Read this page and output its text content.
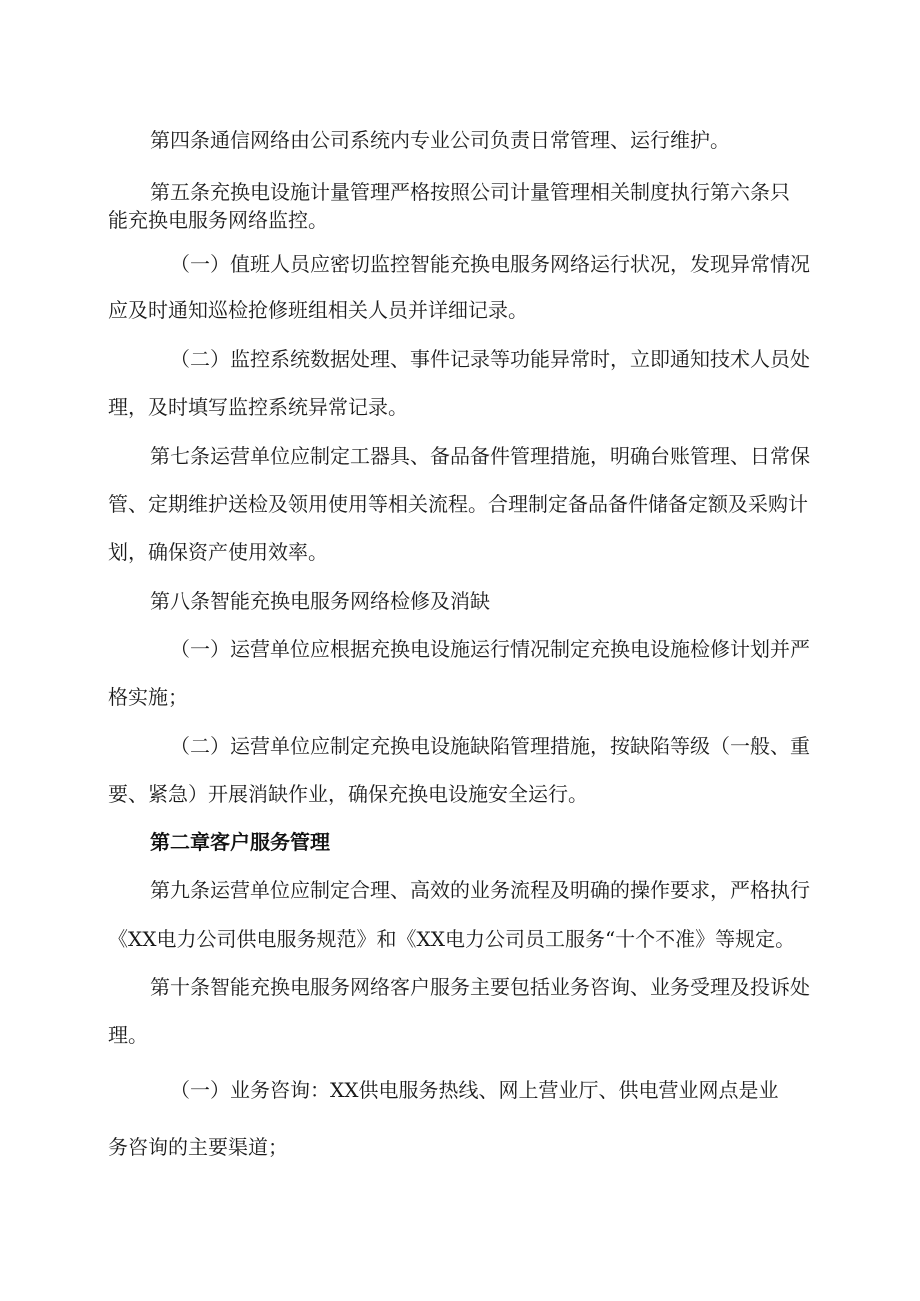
第四条通信网络由公司系统内专业公司负责日常管理、运行维护。

第五条充换电设施计量管理严格按照公司计量管理相关制度执行第六条只

能充换电服务网络监控。

（一）值班人员应密切监控智能充换电服务网络运行状况，发现异常情况

应及时通知巡检抢修班组相关人员并详细记录。

（二）监控系统数据处理、事件记录等功能异常时，立即通知技术人员处

理，及时填写监控系统异常记录。

第七条运营单位应制定工器具、备品备件管理措施，明确台账管理、日常保

管、定期维护送检及领用使用等相关流程。合理制定备品备件储备定额及采购计

划，确保资产使用效率。

第八条智能充换电服务网络检修及消缺

（一）运营单位应根据充换电设施运行情况制定充换电设施检修计划并严

格实施；

（二）运营单位应制定充换电设施缺陷管理措施，按缺陷等级（一般、重

要、紧急）开展消缺作业，确保充换电设施安全运行。

第二章客户服务管理

第九条运营单位应制定合理、高效的业务流程及明确的操作要求，严格执行

《XX电力公司供电服务规范》和《XX电力公司员工服务“十个不准》等规定。

第十条智能充换电服务网络客户服务主要包括业务咨询、业务受理及投诉处

理。

（一）业务咨询：XX供电服务热线、网上营业厅、供电营业网点是业

务咨询的主要渠道；
